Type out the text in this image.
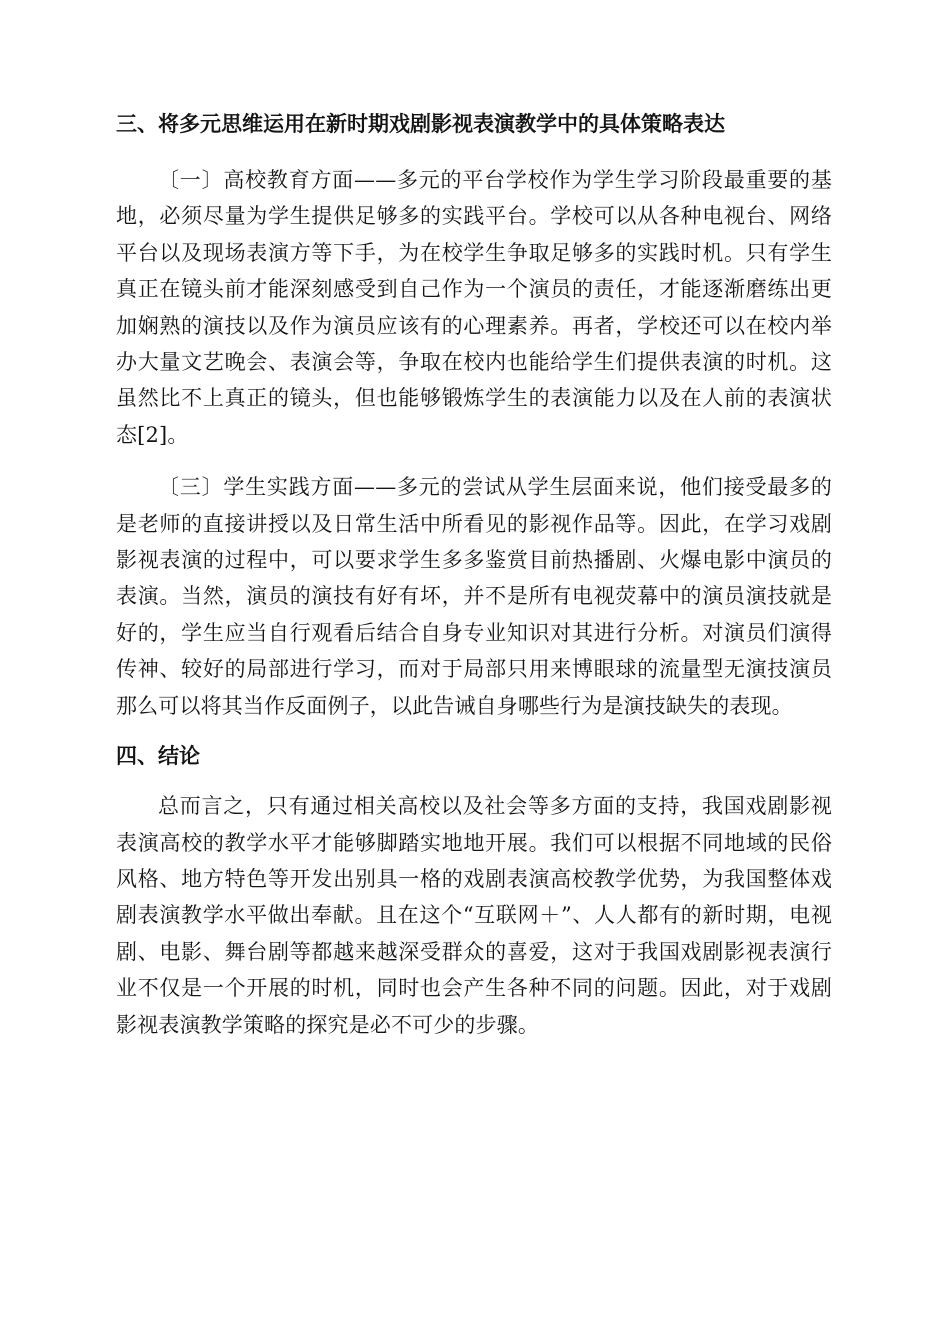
三、将多元思维运用在新时期戏剧影视表演教学中的具体策略表达

〔一〕高校教育方面——多元的平台学校作为学生学习阶段最重要的基地，必须尽量为学生提供足够多的实践平台。学校可以从各种电视台、网络平台以及现场表演方等下手，为在校学生争取足够多的实践时机。只有学生真正在镜头前才能深刻感受到自己作为一个演员的责任，才能逐渐磨练出更加娴熟的演技以及作为演员应该有的心理素养。再者，学校还可以在校内举办大量文艺晚会、表演会等，争取在校内也能给学生们提供表演的时机。这虽然比不上真正的镜头，但也能够锻炼学生的表演能力以及在人前的表演状态[2]。

〔三〕学生实践方面——多元的尝试从学生层面来说，他们接受最多的是老师的直接讲授以及日常生活中所看见的影视作品等。因此，在学习戏剧影视表演的过程中，可以要求学生多多鉴赏目前热播剧、火爆电影中演员的表演。当然，演员的演技有好有坏，并不是所有电视荧幕中的演员演技就是好的，学生应当自行观看后结合自身专业知识对其进行分析。对演员们演得传神、较好的局部进行学习，而对于局部只用来博眼球的流量型无演技演员那么可以将其当作反面例子，以此告诫自身哪些行为是演技缺失的表现。

四、结论

总而言之，只有通过相关高校以及社会等多方面的支持，我国戏剧影视表演高校的教学水平才能够脚踏实地地开展。我们可以根据不同地域的民俗风格、地方特色等开发出别具一格的戏剧表演高校教学优势，为我国整体戏剧表演教学水平做出奉献。且在这个“互联网＋”、人人都有的新时期，电视剧、电影、舞台剧等都越来越深受群众的喜爱，这对于我国戏剧影视表演行业不仅是一个开展的时机，同时也会产生各种不同的问题。因此，对于戏剧影视表演教学策略的探究是必不可少的步骤。
